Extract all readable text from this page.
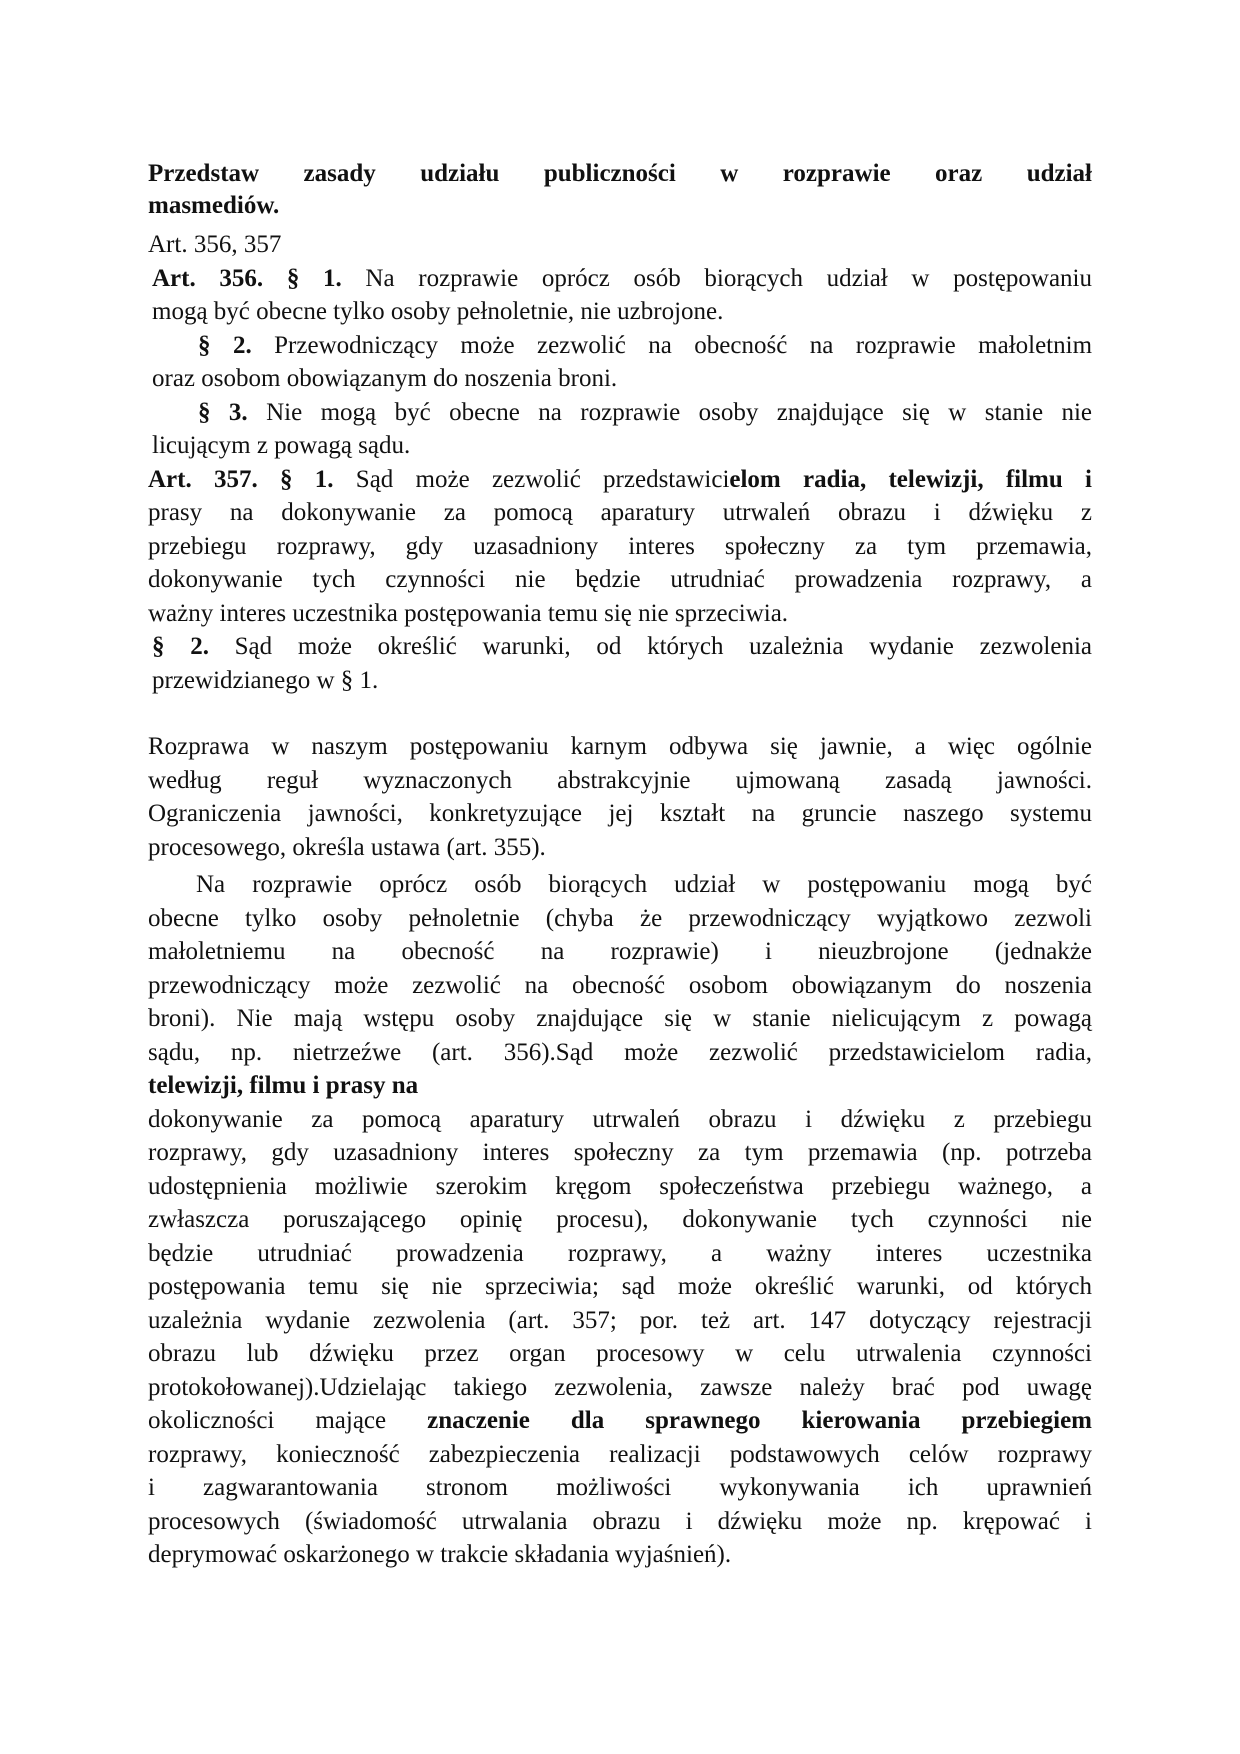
Przedstaw zasady udziału publiczności w rozprawie oraz udział
masmediów.
Art. 356, 357
Art. 356. § 1. Na rozprawie oprócz osób biorących udział w postępowaniu
mogą być obecne tylko osoby pełnoletnie, nie uzbrojone.
§ 2. Przewodniczący może zezwolić na obecność na rozprawie małoletnim
oraz osobom obowiązanym do noszenia broni.
§ 3. Nie mogą być obecne na rozprawie osoby znajdujące się w stanie nie
licującym z powagą sądu.
Art. 357. § 1. Sąd może zezwolić przedstawicielom radia, telewizji, filmu i
prasy na dokonywanie za pomocą aparatury utrwaleń obrazu i dźwięku z
przebiegu rozprawy, gdy uzasadniony interes społeczny za tym przemawia,
dokonywanie tych czynności nie będzie utrudniać prowadzenia rozprawy, a
ważny interes uczestnika postępowania temu się nie sprzeciwia.
§ 2. Sąd może określić warunki, od których uzależnia wydanie zezwolenia
przewidzianego w § 1.
Rozprawa w naszym postępowaniu karnym odbywa się jawnie, a więc ogólnie
według reguł wyznaczonych abstrakcyjnie ujmowaną zasadą jawności.
Ograniczenia jawności, konkretyzujące jej kształt na gruncie naszego systemu
procesowego, określa ustawa (art. 355).
Na rozprawie oprócz osób biorących udział w postępowaniu mogą być
obecne tylko osoby pełnoletnie (chyba że przewodniczący wyjątkowo zezwoli
małoletniemu na obecność na rozprawie) i nieuzbrojone (jednakże
przewodniczący może zezwolić na obecność osobom obowiązanym do noszenia
broni). Nie mają wstępu osoby znajdujące się w stanie nielicującym z powagą
sądu, np. nietrzeźwe (art. 356).Sąd może zezwolić przedstawicielom radia,
telewizji, filmu i prasy na
dokonywanie za pomocą aparatury utrwaleń obrazu i dźwięku z przebiegu
rozprawy, gdy uzasadniony interes społeczny za tym przemawia (np. potrzeba
udostępnienia możliwie szerokim kręgom społeczeństwa przebiegu ważnego, a
zwłaszcza poruszającego opinię procesu), dokonywanie tych czynności nie
będzie utrudniać prowadzenia rozprawy, a ważny interes uczestnika
postępowania temu się nie sprzeciwia; sąd może określić warunki, od których
uzależnia wydanie zezwolenia (art. 357; por. też art. 147 dotyczący rejestracji
obrazu lub dźwięku przez organ procesowy w celu utrwalenia czynności
protokołowanej).Udzielając takiego zezwolenia, zawsze należy brać pod uwagę
okoliczności mające znaczenie dla sprawnego kierowania przebiegiem
rozprawy, konieczność zabezpieczenia realizacji podstawowych celów rozprawy
i zagwarantowania stronom możliwości wykonywania ich uprawnień
procesowych (świadomość utrwalania obrazu i dźwięku może np. krępować i
deprymować oskarżonego w trakcie składania wyjaśnień).
